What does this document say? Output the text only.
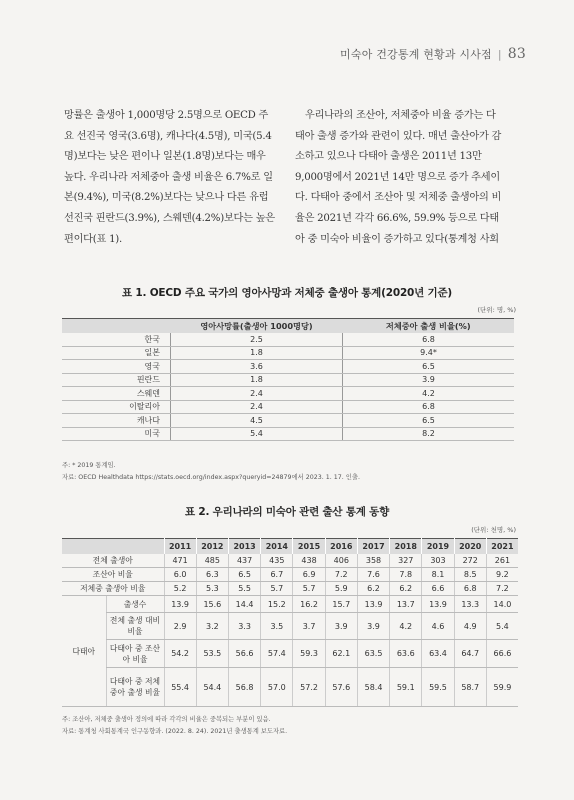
미숙아 건강통계 현황과 시사점 | 83
망률은 출생아 1,000명당 2.5명으로 OECD 주
요 선진국 영국(3.6명), 캐나다(4.5명), 미국(5.4
명)보다는 낮은 편이나 일본(1.8명)보다는 매우
높다. 우리나라 저체중아 출생 비율은 6.7%로 일
본(9.4%), 미국(8.2%)보다는 낮으나 다른 유럽
선진국 핀란드(3.9%), 스웨덴(4.2%)보다는 높은
편이다(표 1).
우리나라의 조산아, 저체중아 비율 증가는 다
태아 출생 증가와 관련이 있다. 매년 출산아가 감
소하고 있으나 다태아 출생은 2011년 13만
9,000명에서 2021년 14만 명으로 증가 추세이
다. 다태아 중에서 조산아 및 저체중 출생아의 비
율은 2021년 각각 66.6%, 59.9% 등으로 다태
아 중 미숙아 비율이 증가하고 있다(통계청 사회
표 1. OECD 주요 국가의 영아사망과 저체중 출생아 통계(2020년 기준)
(단위: 명, %)
	영아사망률(출생아 1000명당)	저체중아 출생 비율(%)
한국	2.5	6.8
일본	1.8	9.4*
영국	3.6	6.5
핀란드	1.8	3.9
스웨덴	2.4	4.2
이탈리아	2.4	6.8
캐나다	4.5	6.5
미국	5.4	8.2
주: * 2019 통계임.
자료: OECD Healthdata https://stats.oecd.org/index.aspx?queryid=24879에서 2023. 1. 17. 인출.
표 2. 우리나라의 미숙아 관련 출산 통계 동향
(단위: 천명, %)
		2011	2012	2013	2014	2015	2016	2017	2018	2019	2020	2021
전체 출생아		471	485	437	435	438	406	358	327	303	272	261
조산아 비율		6.0	6.3	6.5	6.7	6.9	7.2	7.6	7.8	8.1	8.5	9.2
저체중 출생아 비율		5.2	5.3	5.5	5.7	5.7	5.9	6.2	6.2	6.6	6.8	7.2
다태아	출생수	13.9	15.6	14.4	15.2	16.2	15.7	13.9	13.7	13.9	13.3	14.0
	전체 출생 대비 비율	2.9	3.2	3.3	3.5	3.7	3.9	3.9	4.2	4.6	4.9	5.4
	다태아 중 조산아 비율	54.2	53.5	56.6	57.4	59.3	62.1	63.5	63.6	63.4	64.7	66.6
	다태아 중 저체중아 출생 비율	55.4	54.4	56.8	57.0	57.2	57.6	58.4	59.1	59.5	58.7	59.9
주: 조산아, 저체중 출생아 정의에 따라 각각의 비율은 중복되는 부분이 있음.
자료: 통계청 사회통계국 인구동향과. (2022. 8. 24). 2021년 출생통계 보도자료.
